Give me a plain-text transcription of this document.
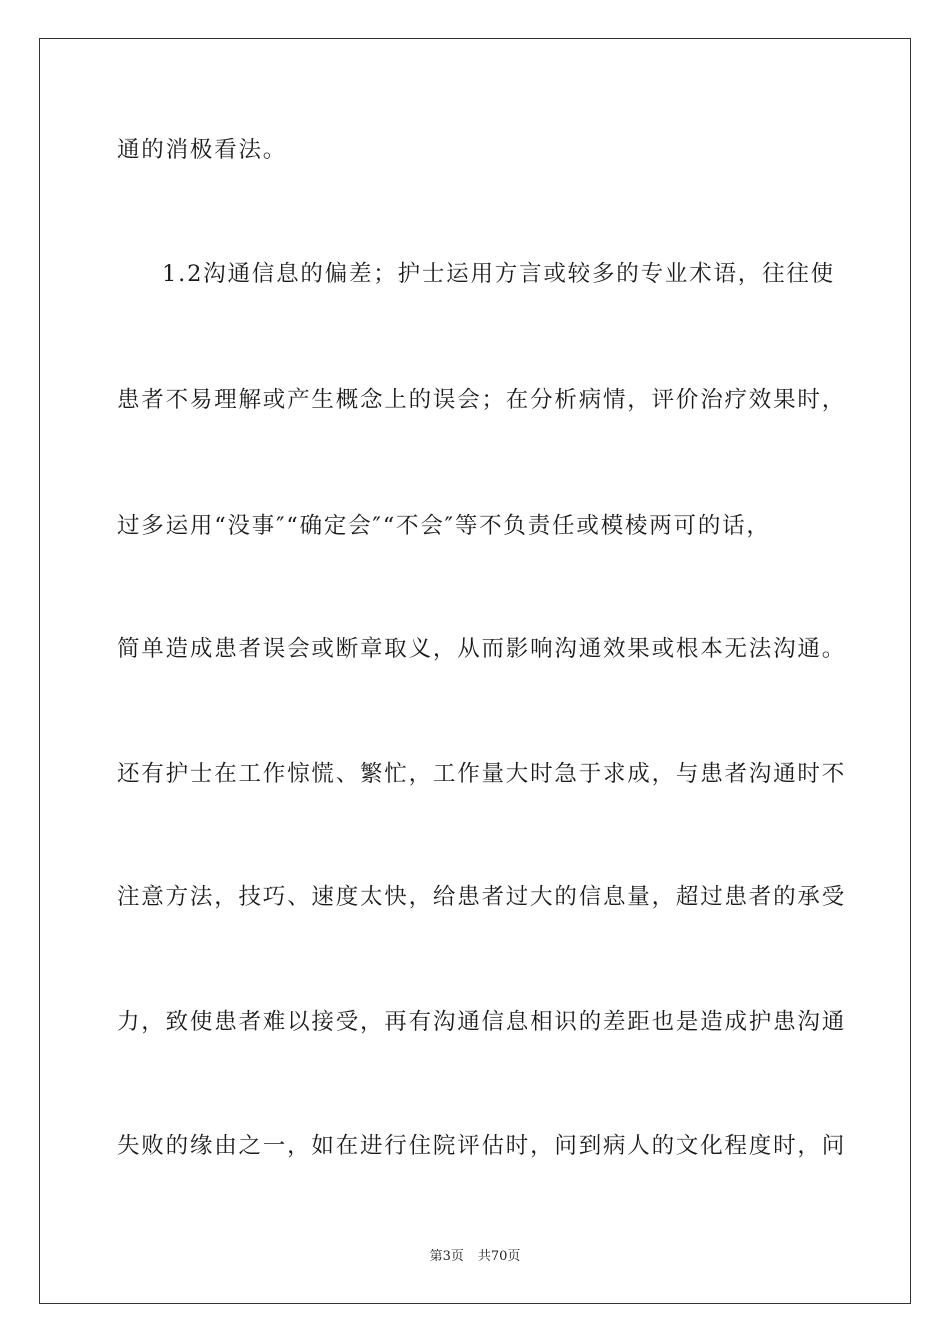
通的消极看法。
1.2沟通信息的偏差；护士运用方言或较多的专业术语，往往使
患者不易理解或产生概念上的误会；在分析病情，评价治疗效果时，
过多运用“没事″“确定会″“不会″等不负责任或模棱两可的话，
简单造成患者误会或断章取义，从而影响沟通效果或根本无法沟通。
还有护士在工作惊慌、繁忙，工作量大时急于求成，与患者沟通时不
注意方法，技巧、速度太快，给患者过大的信息量，超过患者的承受
力，致使患者难以接受，再有沟通信息相识的差距也是造成护患沟通
失败的缘由之一，如在进行住院评估时，问到病人的文化程度时，问
第3页 共70页
